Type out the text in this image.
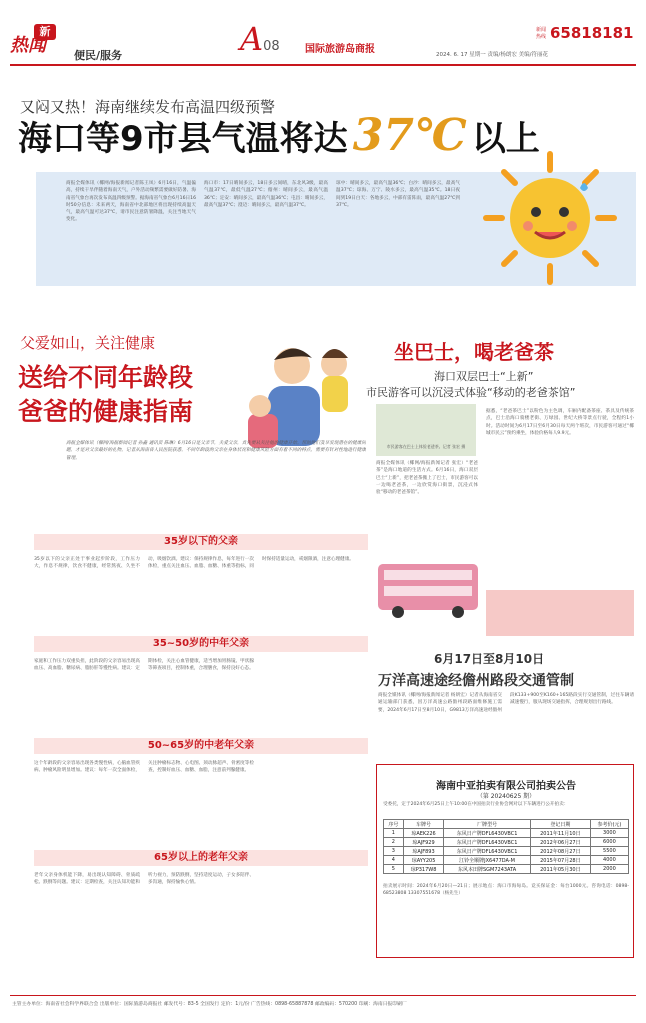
新
热闻	便民/服务	A08	国际旅游岛商报
新闻
热线 65818181
2024. 6. 17 星期一 责编/杨朗宏 美编/符丽花
又闷又热！海南继续发布高温四级预警
海口等9市县气温将达 37℃ 以上
商报全媒体讯（椰网/海报新闻记者陈王凤）6月16日，气温偏高，持续干旱伴随着海南天气，户外活动频繁需要做好防暑、海南省气象台再次发布高温四级预警。据海南省气象台6月16日16时50分信息：未来两天，海南省中北部地区将出现持续高温天气，最高气温可达37℃，请市民注意防暑降温，关注当地天气变化。
海口市：17日晴间多云，18日多云间晴，东北风3级，最高气温37℃，最低气温27℃；儋州：晴间多云，最高气温36℃；定安：晴间多云，最高气温36℃；屯昌：晴间多云，最高气温37℃；澄迈：晴间多云，最高气温37℃。
琼中：晴间多云，最高气温36℃；白沙：晴间多云，最高气温37℃；琼海、万宁、陵水多云，最高气温35℃。18日夜间到19日白天：各地多云，中部有雷阵雨，最高气温27℃到37℃。
父爱如山，关注健康
送给不同年龄段
爸爸的健康指南
商报全媒体讯（椰网/海报新闻记者 孙鑫 通讯员 陈琳）6月16日是父亲节，关爱父亲，首先要从关注他的健康开始。帮助他们及早发现潜在的健康问题，才是对父亲最好的礼物。记者从海南省人民医院获悉，不同年龄段的父亲在身体状况和健康风险方面有着不同的特点，需要有针对性地进行健康管理。
35岁以下的父亲
35岁以下的父亲正处于事业起步阶段，工作压力大，作息不规律，饮食不健康，经常熬夜、久坐不动，吸烟饮酒。建议：保持规律作息，每年进行一次体检，重点关注血压、血脂、血糖、体重等指标，同时保持适量运动，戒烟限酒，注意心理健康。
35~50岁的中年父亲
家庭和工作压力双重负担，此阶段的父亲容易出现高血压、高血脂、糖尿病、脂肪肝等慢性病。建议：定期体检，关注心血管健康，适当增加胃肠镜、甲状腺等筛查项目，控制体重，合理膳食，保持良好心态。
50~65岁的中老年父亲
这个年龄段的父亲容易出现各类慢性病，心脑血管疾病、肿瘤风险明显增加。建议：每年一次全面体检，关注肿瘤标志物、心电图、颈动脉超声、骨密度等检查，控制好血压、血糖、血脂，注意前列腺健康。
65岁以上的老年父亲
老年父亲身体机能下降，易出现认知障碍、骨质疏松、跌倒等问题。建议：定期检查，关注认知功能和听力视力，预防跌倒，坚持适度运动，子女多陪伴、多沟通，保持愉快心情。
坐巴士，喝老爸茶
海口双层巴士“上新”
市民游客可以沉浸式体验“移动的老爸茶馆”
市民游客在巴士上体验老爸茶。记者 张宏 摄
商报全媒体讯（椰网/海报新闻记者 张宏）“老爸茶”是海口地道的生活方式。6月16日，海口双层巴士“上新”，把老爸茶搬上了巴士，市民游客可以一边喝老爸茶，一边欣赏海口街景，沉浸式体验“移动的老爸茶馆”。
据悉，“老爸茶巴士”以粉色为主色调，车厢内配备茶座、茶具及传统茶点，巴士沿海口骑楼老街、万绿园、世纪大桥等景点行驶，全程约1小时。活动时间为6月17日至6月30日每天两个班次，市民游客可通过“椰城市民云”预约乘坐，体验价格每人9.9元。
6月17日至8月10日
万洋高速途经儋州路段交通管制
商报全媒体讯（椰网/海报新闻记者 杨朗宏）记者从海南省交通运输部门获悉，因万洋高速公路儋州段路面维修施工需要，2024年6月17日至8月10日，G9813万洋高速途经儋州段K133+900至K160+165路段实行交通管制，过往车辆请减速慢行，服从现场交通指挥，合理规划出行路线。
海南中亚拍卖有限公司拍卖公告
（第 20240625 期）
受委托，定于2024年6月25日上午10:00在中国拍卖行业协会网对以下车辆进行公开拍卖：
序号	车牌号	厂牌型号	登记日期	参考价(元)
1	琼AEK226	东风日产牌DFL6430VBC1	2011年11月10日	3000
2	琼AJF929	东风日产牌DFL6430VBC1	2012年06月27日	6000
3	琼AJF893	东风日产牌DFL6430VBC1	2012年08月27日	5500
4	琼AYY205	江铃全顺牌JX6477DA-M	2015年07月28日	4000
5	琼P317W8	东风本田牌SGM7243ATA	2011年05月30日	2000
拍卖展示时间：2024年6月20日—21日；展示地点：海口市海甸岛。竞买保证金：每台1000元。咨询电话：0898-68523808 13307551678（杨先生）
主管主办单位：海南省社会科学界联合会 出版单位：国际旅游岛商报社 邮发代号：83-5 全国发行 定价：1元/份 广告热线：0898-65887878 邮政编码：570200 印刷：海南日报印刷厂
